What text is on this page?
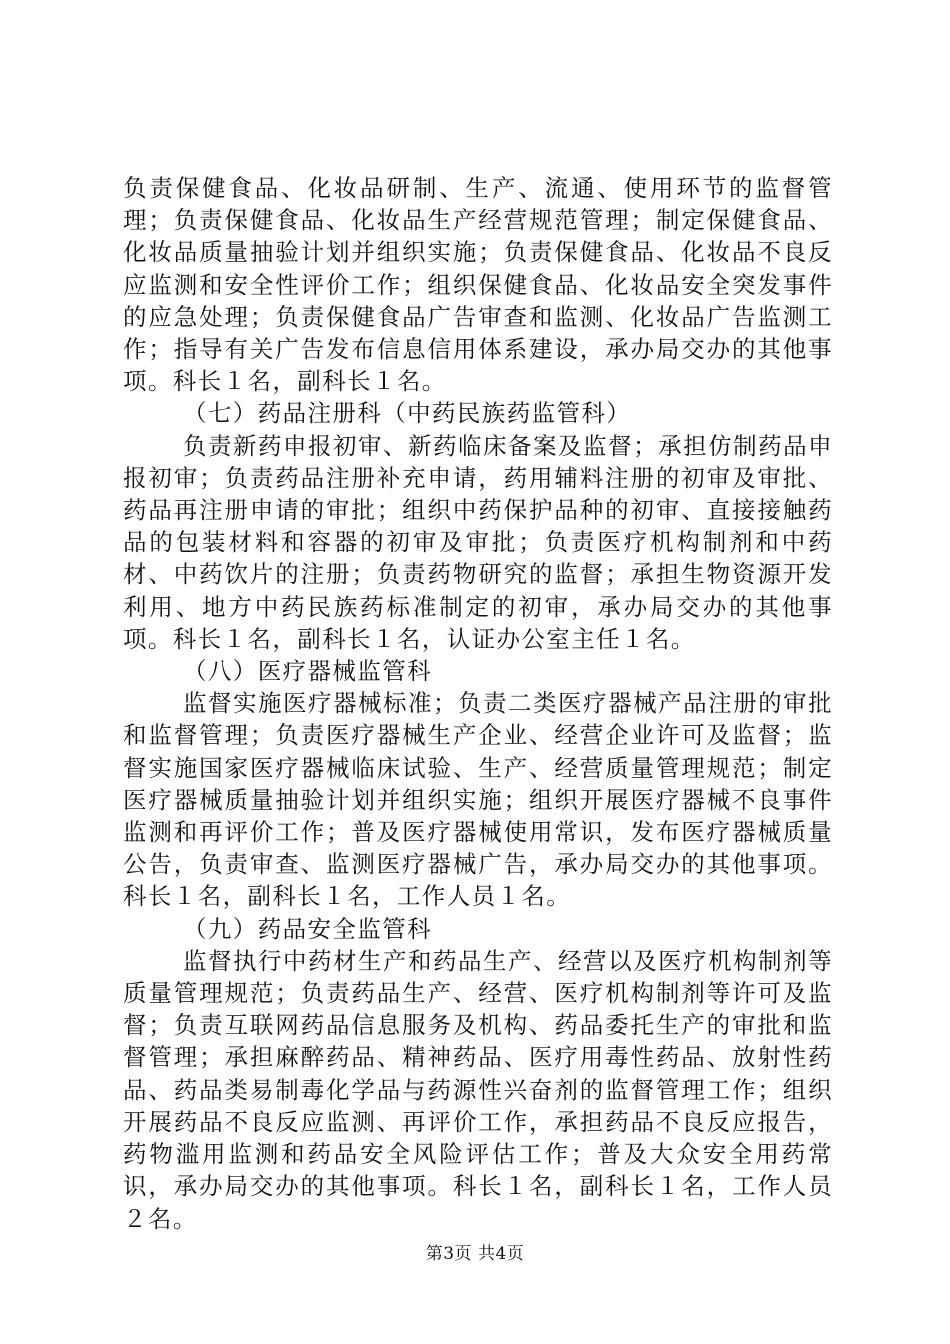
负责保健食品、化妆品研制、生产、流通、使用环节的监督管理；负责保健食品、化妆品生产经营规范管理；制定保健食品、化妆品质量抽验计划并组织实施；负责保健食品、化妆品不良反应监测和安全性评价工作；组织保健食品、化妆品安全突发事件的应急处理；负责保健食品广告审查和监测、化妆品广告监测工作；指导有关广告发布信息信用体系建设，承办局交办的其他事项。科长１名，副科长１名。

（七）药品注册科（中药民族药监管科）

负责新药申报初审、新药临床备案及监督；承担仿制药品申报初审；负责药品注册补充申请，药用辅料注册的初审及审批、药品再注册申请的审批；组织中药保护品种的初审、直接接触药品的包装材料和容器的初审及审批；负责医疗机构制剂和中药材、中药饮片的注册；负责药物研究的监督；承担生物资源开发利用、地方中药民族药标准制定的初审，承办局交办的其他事项。科长１名，副科长１名，认证办公室主任１名。

（八）医疗器械监管科

监督实施医疗器械标准；负责二类医疗器械产品注册的审批和监督管理；负责医疗器械生产企业、经营企业许可及监督；监督实施国家医疗器械临床试验、生产、经营质量管理规范；制定医疗器械质量抽验计划并组织实施；组织开展医疗器械不良事件监测和再评价工作；普及医疗器械使用常识，发布医疗器械质量公告，负责审查、监测医疗器械广告，承办局交办的其他事项。科长１名，副科长１名，工作人员１名。

（九）药品安全监管科

监督执行中药材生产和药品生产、经营以及医疗机构制剂等质量管理规范；负责药品生产、经营、医疗机构制剂等许可及监督；负责互联网药品信息服务及机构、药品委托生产的审批和监督管理；承担麻醉药品、精神药品、医疗用毒性药品、放射性药品、药品类易制毒化学品与药源性兴奋剂的监督管理工作；组织开展药品不良反应监测、再评价工作，承担药品不良反应报告，药物滥用监测和药品安全风险评估工作；普及大众安全用药常识，承办局交办的其他事项。科长１名，副科长１名，工作人员２名。

第3页 共4页
